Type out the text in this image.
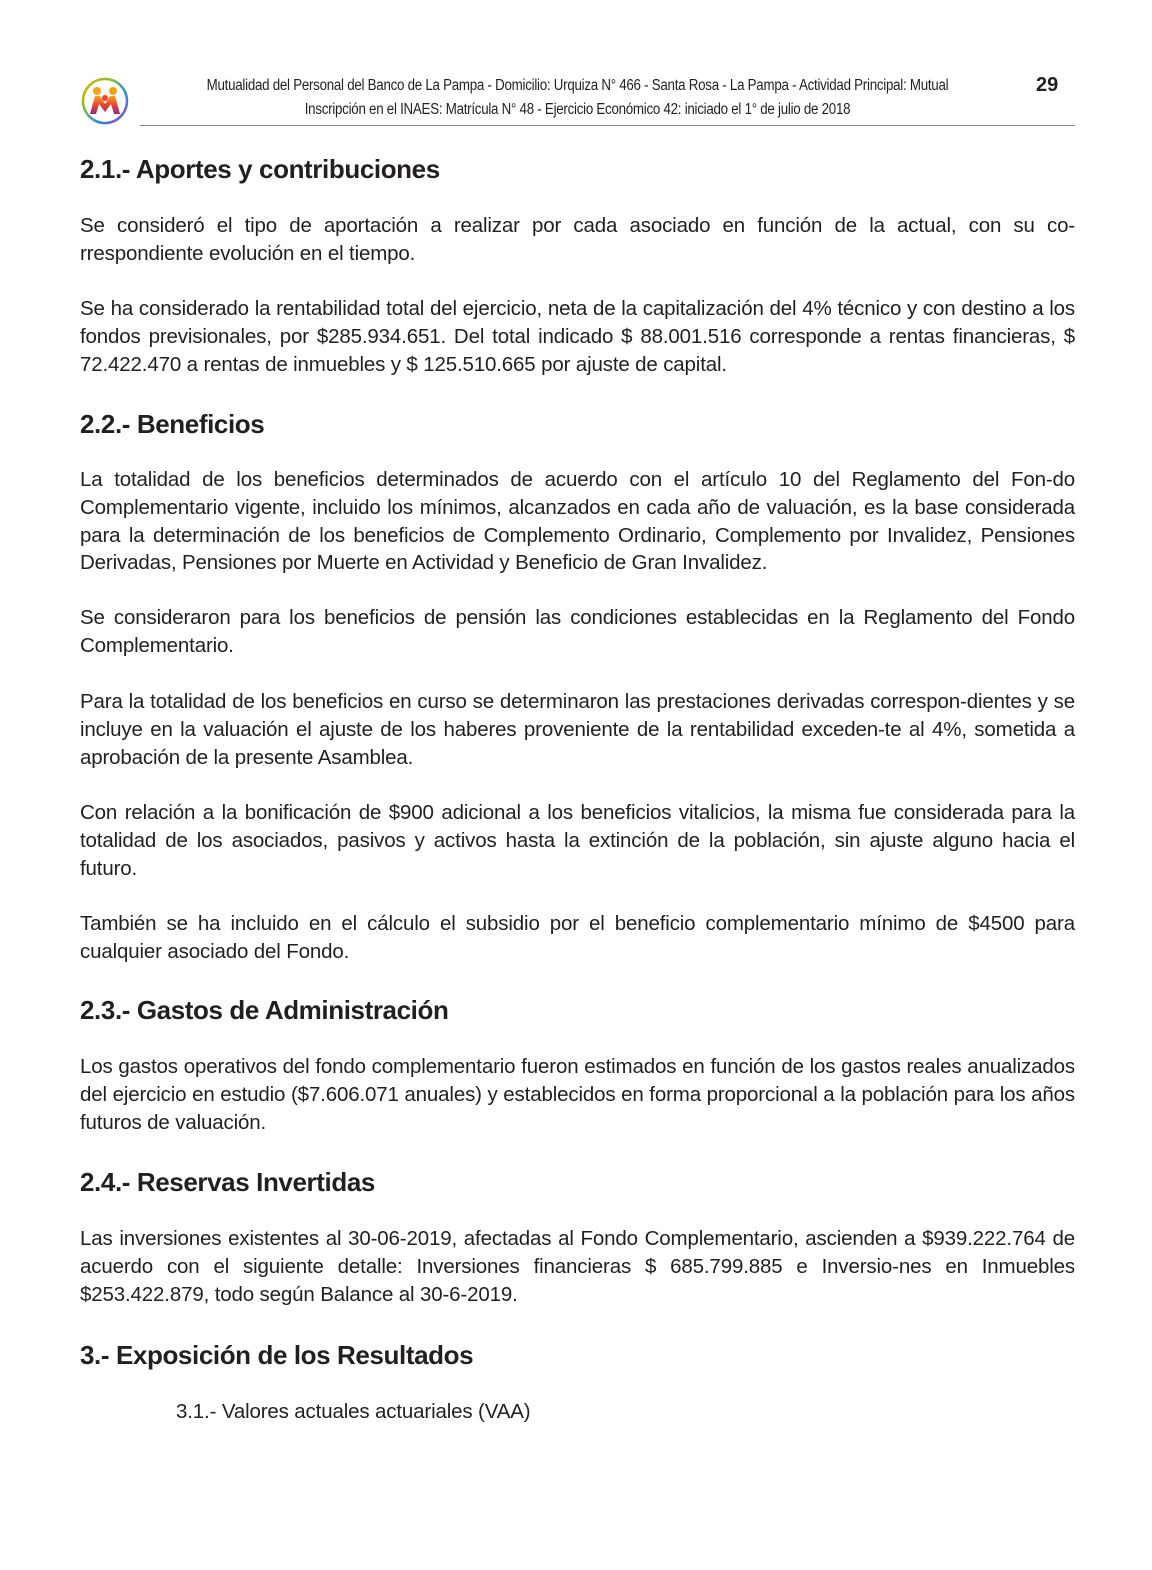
Mutualidad del Personal del Banco de La Pampa - Domicilio: Urquiza N° 466 - Santa Rosa - La Pampa - Actividad Principal: Mutual
Inscripción en el INAES: Matrícula N° 48 - Ejercicio Económico 42: iniciado el 1° de julio de 2018
29
2.1.- Aportes y contribuciones

Se consideró el tipo de aportación a realizar por cada asociado en función de la actual, con su co-rrespondiente evolución en el tiempo.

Se ha considerado la rentabilidad total del ejercicio, neta de la capitalización del 4% técnico y con destino a los fondos previsionales, por $285.934.651. Del total indicado $ 88.001.516 corresponde a rentas financieras, $ 72.422.470 a rentas de inmuebles y $ 125.510.665 por ajuste de capital.

2.2.- Beneficios

La totalidad de los beneficios determinados de acuerdo con el artículo 10 del Reglamento del Fon-do Complementario vigente, incluido los mínimos, alcanzados en cada año de valuación, es la base considerada para la determinación de los beneficios de Complemento Ordinario, Complemento por Invalidez, Pensiones Derivadas, Pensiones por Muerte en Actividad y Beneficio de Gran Invalidez.

Se consideraron para los beneficios de pensión las condiciones establecidas en la Reglamento del Fondo Complementario.

Para la totalidad de los beneficios en curso se determinaron las prestaciones derivadas correspon-dientes y se incluye en la valuación el ajuste de los haberes proveniente de la rentabilidad exceden-te al 4%, sometida a aprobación de la presente Asamblea.

Con relación a la bonificación de $900 adicional a los beneficios vitalicios, la misma fue considerada para la totalidad de los asociados, pasivos y activos hasta la extinción de la población, sin ajuste alguno hacia el futuro.

También se ha incluido en el cálculo el subsidio por el beneficio complementario mínimo de $4500 para cualquier asociado del Fondo.

2.3.- Gastos de Administración

Los gastos operativos del fondo complementario fueron estimados en función de los gastos reales anualizados del ejercicio en estudio ($7.606.071 anuales) y establecidos en forma proporcional a la población para los años futuros de valuación.

2.4.- Reservas Invertidas

Las inversiones existentes al 30-06-2019, afectadas al Fondo Complementario, ascienden a $939.222.764 de acuerdo con el siguiente detalle: Inversiones financieras $ 685.799.885 e Inversio-nes en Inmuebles $253.422.879, todo según Balance al 30-6-2019.

3.- Exposición de los Resultados

3.1.- Valores actuales actuariales (VAA)
